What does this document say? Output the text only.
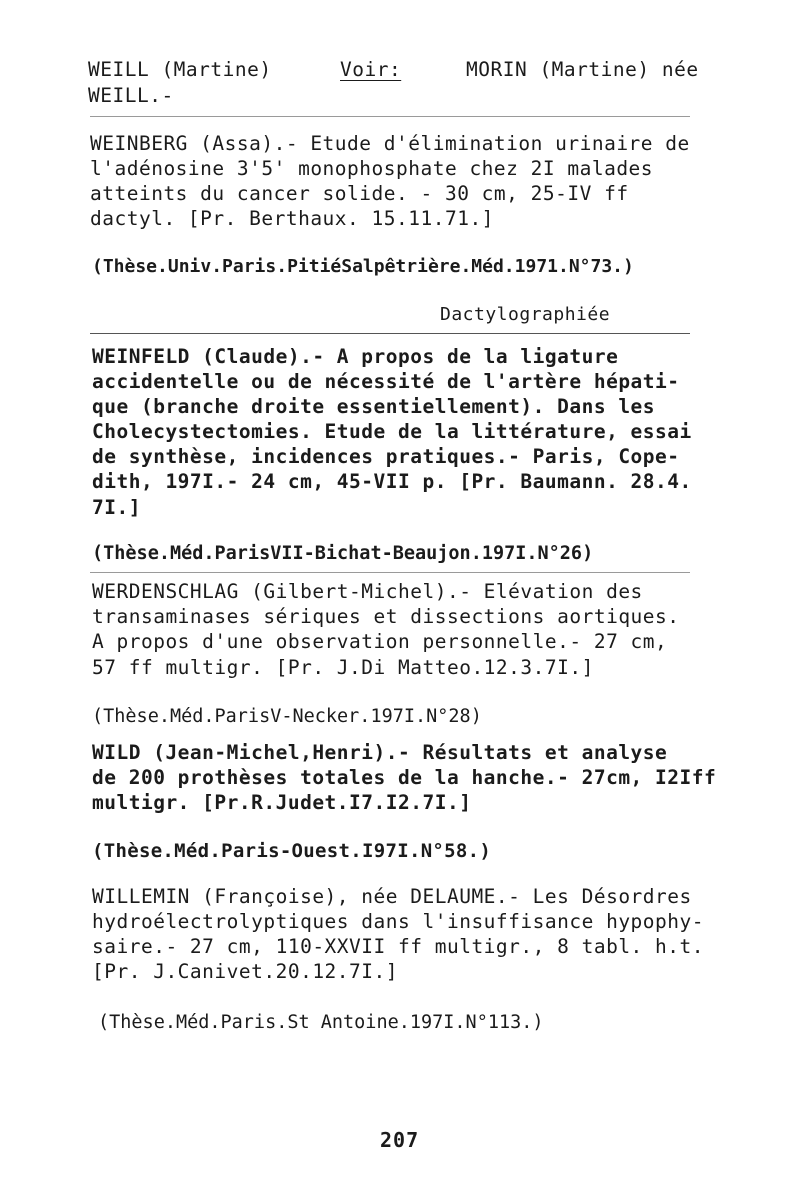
WEILL (Martine)	Voir:	MORIN (Martine) née
WEILL.-
WEINBERG (Assa).- Etude d'élimination urinaire de
l'adénosine 3'5' monophosphate chez 2I malades
atteints du cancer solide. - 30 cm, 25-IV ff
dactyl. [Pr. Berthaux. 15.11.71.]
(Thèse.Univ.Paris.PitiéSalpêtrière.Méd.1971.N°73.)
Dactylographiée
WEINFELD (Claude).- A propos de la ligature
accidentelle ou de nécessité de l'artère hépati-
que (branche droite essentiellement). Dans les
Cholecystectomies. Etude de la littérature, essai
de synthèse, incidences pratiques.- Paris, Cope-
dith, 197I.- 24 cm, 45-VII p. [Pr. Baumann. 28.4.
7I.]
(Thèse.Méd.ParisVII-Bichat-Beaujon.197I.N°26)
WERDENSCHLAG (Gilbert-Michel).- Elévation des
transaminases sériques et dissections aortiques.
A propos d'une observation personnelle.- 27 cm,
57 ff multigr. [Pr. J.Di Matteo.12.3.7I.]
(Thèse.Méd.ParisV-Necker.197I.N°28)
WILD (Jean-Michel,Henri).- Résultats et analyse
de 200 prothèses totales de la hanche.- 27cm, I2Iff
multigr. [Pr.R.Judet.I7.I2.7I.]
(Thèse.Méd.Paris-Ouest.I97I.N°58.)
WILLEMIN (Françoise), née DELAUME.- Les Désordres
hydroélectrolyptiques dans l'insuffisance hypophy-
saire.- 27 cm, 110-XXVII ff multigr., 8 tabl. h.t.
[Pr. J.Canivet.20.12.7I.]
(Thèse.Méd.Paris.St Antoine.197I.N°113.)
207
